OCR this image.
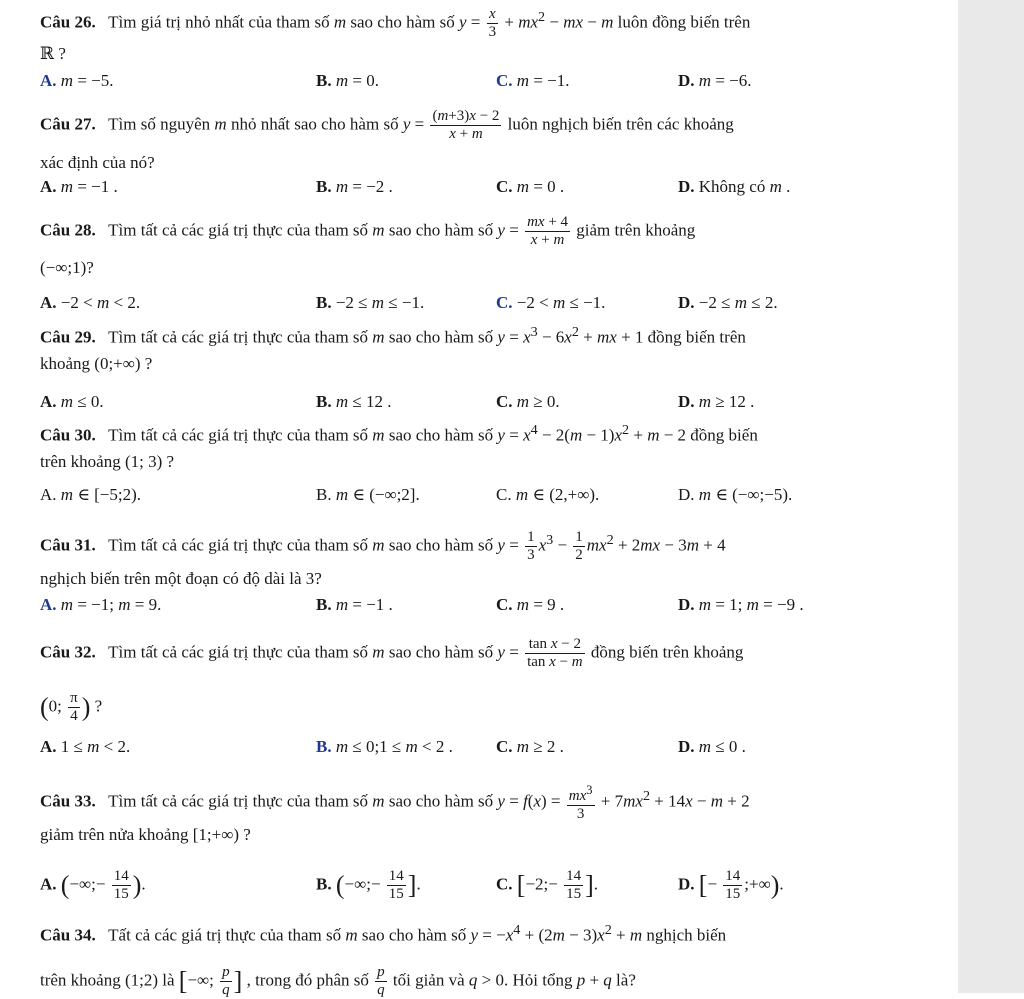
Câu 26.   Tìm giá trị nhỏ nhất của tham số m sao cho hàm số $y = \frac{x}{3} + mx^2$ − mx − m luôn đồng biến trên
ℝ ?
A. m = −5.	B. m = 0.	C. m = −1.	D. m = −6.
Câu 27.   Tìm số nguyên m nhỏ nhất sao cho hàm số $y = \frac{(m+3)x - 2}{x + m}$ luôn nghịch biến trên các khoảng
xác định của nó?
A. m = −1 .	B. m = −2 .	C. m = 0 .	D. Không có m .
Câu 28.   Tìm tất cả các giá trị thực của tham số m sao cho hàm số $y = \frac{mx + 4}{x + m}$ giảm trên khoảng
(−∞;1)?
A. −2 < m < 2.	B. −2 ≤ m ≤ −1.	C. −2 < m ≤ −1.	D. −2 ≤ m ≤ 2.
Câu 29.   Tìm tất cả các giá trị thực của tham số m sao cho hàm số $y = x^3 - 6x^2$ + mx + 1 đồng biến trên
khoảng (0;+∞) ?
A. m ≤ 0.	B. m ≤ 12 .	C. m ≥ 0.	D. m ≥ 12 .
Câu 30.   Tìm tất cả các giá trị thực của tham số m sao cho hàm số $y = x^4 - 2(m - 1)x^2 + m - 2$ đồng biến
trên khoảng (1; 3) ?
A. m ∈ [−5;2).	B. m ∈ (−∞;2].	C. m ∈ (2,+∞).	D. m ∈ (−∞;−5).
Câu 31.   Tìm tất cả các giá trị thực của tham số m sao cho hàm số $y = \frac{1}{3} x^3 - \frac{1}{2} mx^2 + 2mx - 3m + 4$
nghịch biến trên một đoạn có độ dài là 3?
A. m = −1; m = 9.	B. m = −1 .	C. m = 9 .	D. m = 1; m = −9 .
Câu 32.   Tìm tất cả các giá trị thực của tham số m sao cho hàm số $y = \frac{\text{tan x − 2}}{\text{tan x − m}}$ đồng biến trên khoảng
(0; $\frac{\pi}{4}$ ) ?
A. 1 ≤ m < 2.	B. m ≤ 0;1 ≤ m < 2 .	C. m ≥ 2 .	D. m ≤ 0 .
Câu 33.   Tìm tất cả các giá trị thực của tham số m sao cho hàm số $y = f(x) = \frac{mx^3}{3} + 7mx^2 + 14x - m + 2$
giảm trên nửa khoảng [1;+∞) ?
A. (−∞;− $\frac{14}{15}$ ).	B. (−∞;− $\frac{14}{15}$ ].	C. [−2;− $\frac{14}{15}$ ].	D. [− $\frac{14}{15}$ ;+∞).
Câu 34.   Tất cả các giá trị thực của tham số m sao cho hàm số $y = -x^4 + (2m - 3)x^2 + m$ nghịch biến
trên khoảng (1;2) là [−∞; $\frac{p}{q}$ ] , trong đó phân số $\frac{p}{q}$ tối giản và q > 0. Hỏi tổng p + q là?
